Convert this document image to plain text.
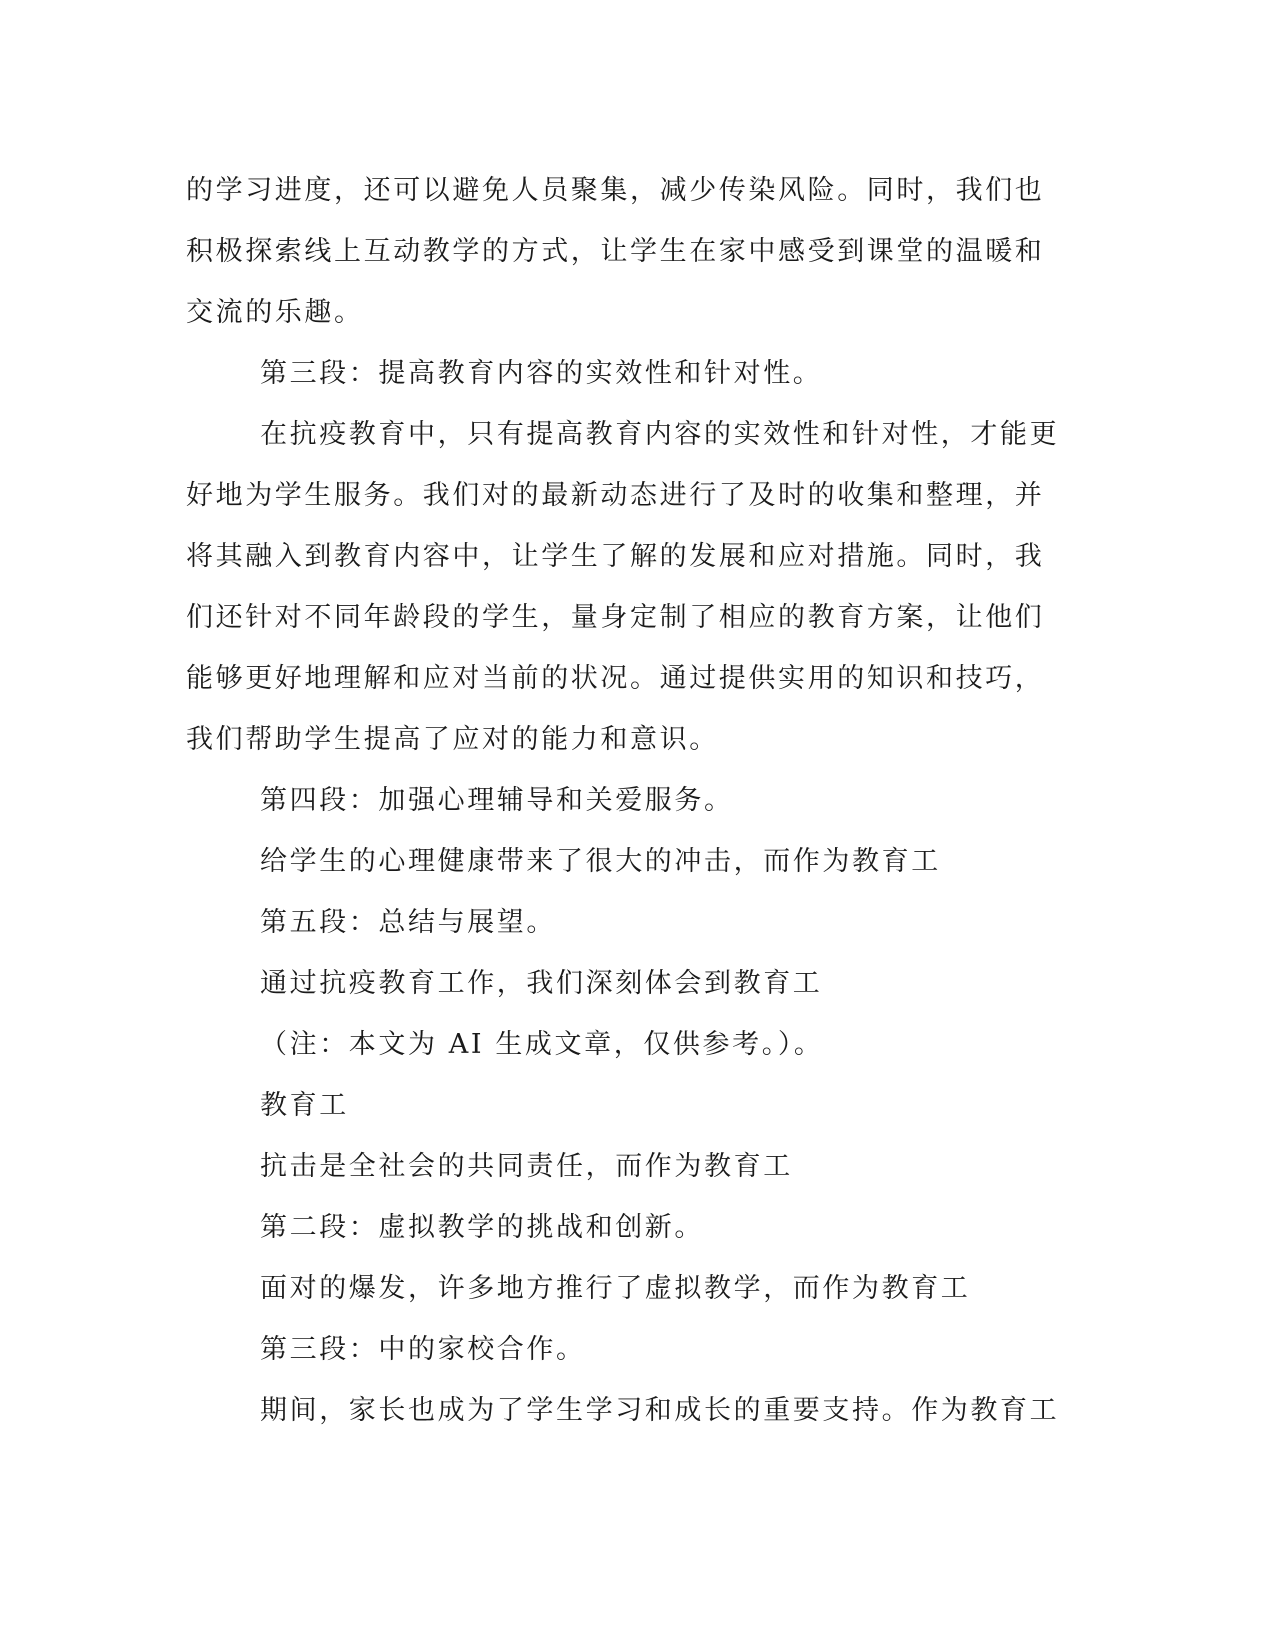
的学习进度，还可以避免人员聚集，减少传染风险。同时，我们也积极探索线上互动教学的方式，让学生在家中感受到课堂的温暖和交流的乐趣。

第三段：提高教育内容的实效性和针对性。

在抗疫教育中，只有提高教育内容的实效性和针对性，才能更好地为学生服务。我们对的最新动态进行了及时的收集和整理，并将其融入到教育内容中，让学生了解的发展和应对措施。同时，我们还针对不同年龄段的学生，量身定制了相应的教育方案，让他们能够更好地理解和应对当前的状况。通过提供实用的知识和技巧，我们帮助学生提高了应对的能力和意识。

第四段：加强心理辅导和关爱服务。

给学生的心理健康带来了很大的冲击，而作为教育工

第五段：总结与展望。

通过抗疫教育工作，我们深刻体会到教育工

（注：本文为 AI 生成文章，仅供参考。）。

教育工

抗击是全社会的共同责任，而作为教育工

第二段：虚拟教学的挑战和创新。

面对的爆发，许多地方推行了虚拟教学，而作为教育工

第三段：中的家校合作。

期间，家长也成为了学生学习和成长的重要支持。作为教育工
